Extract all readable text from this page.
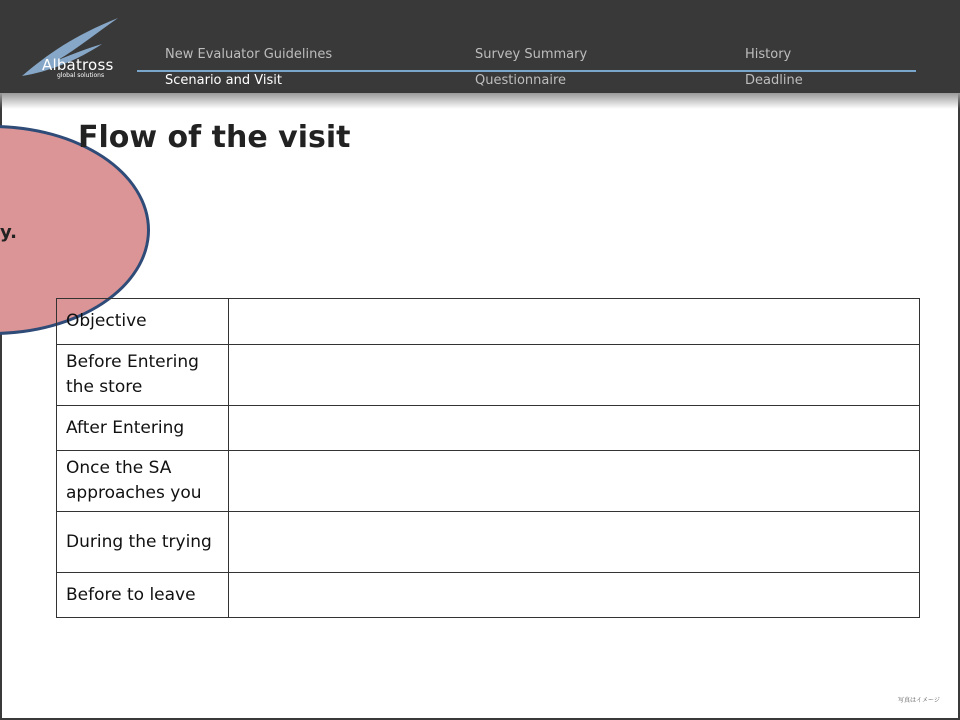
Albatross
global solutions
New Evaluator Guidelines	Survey Summary	History
Scenario and Visit	Questionnaire	Deadline
y.
Flow of the visit
Objective	
Before Entering the store	
After Entering	
Once the SA approaches you	
During the trying	
Before to leave	
写真はイメージ
